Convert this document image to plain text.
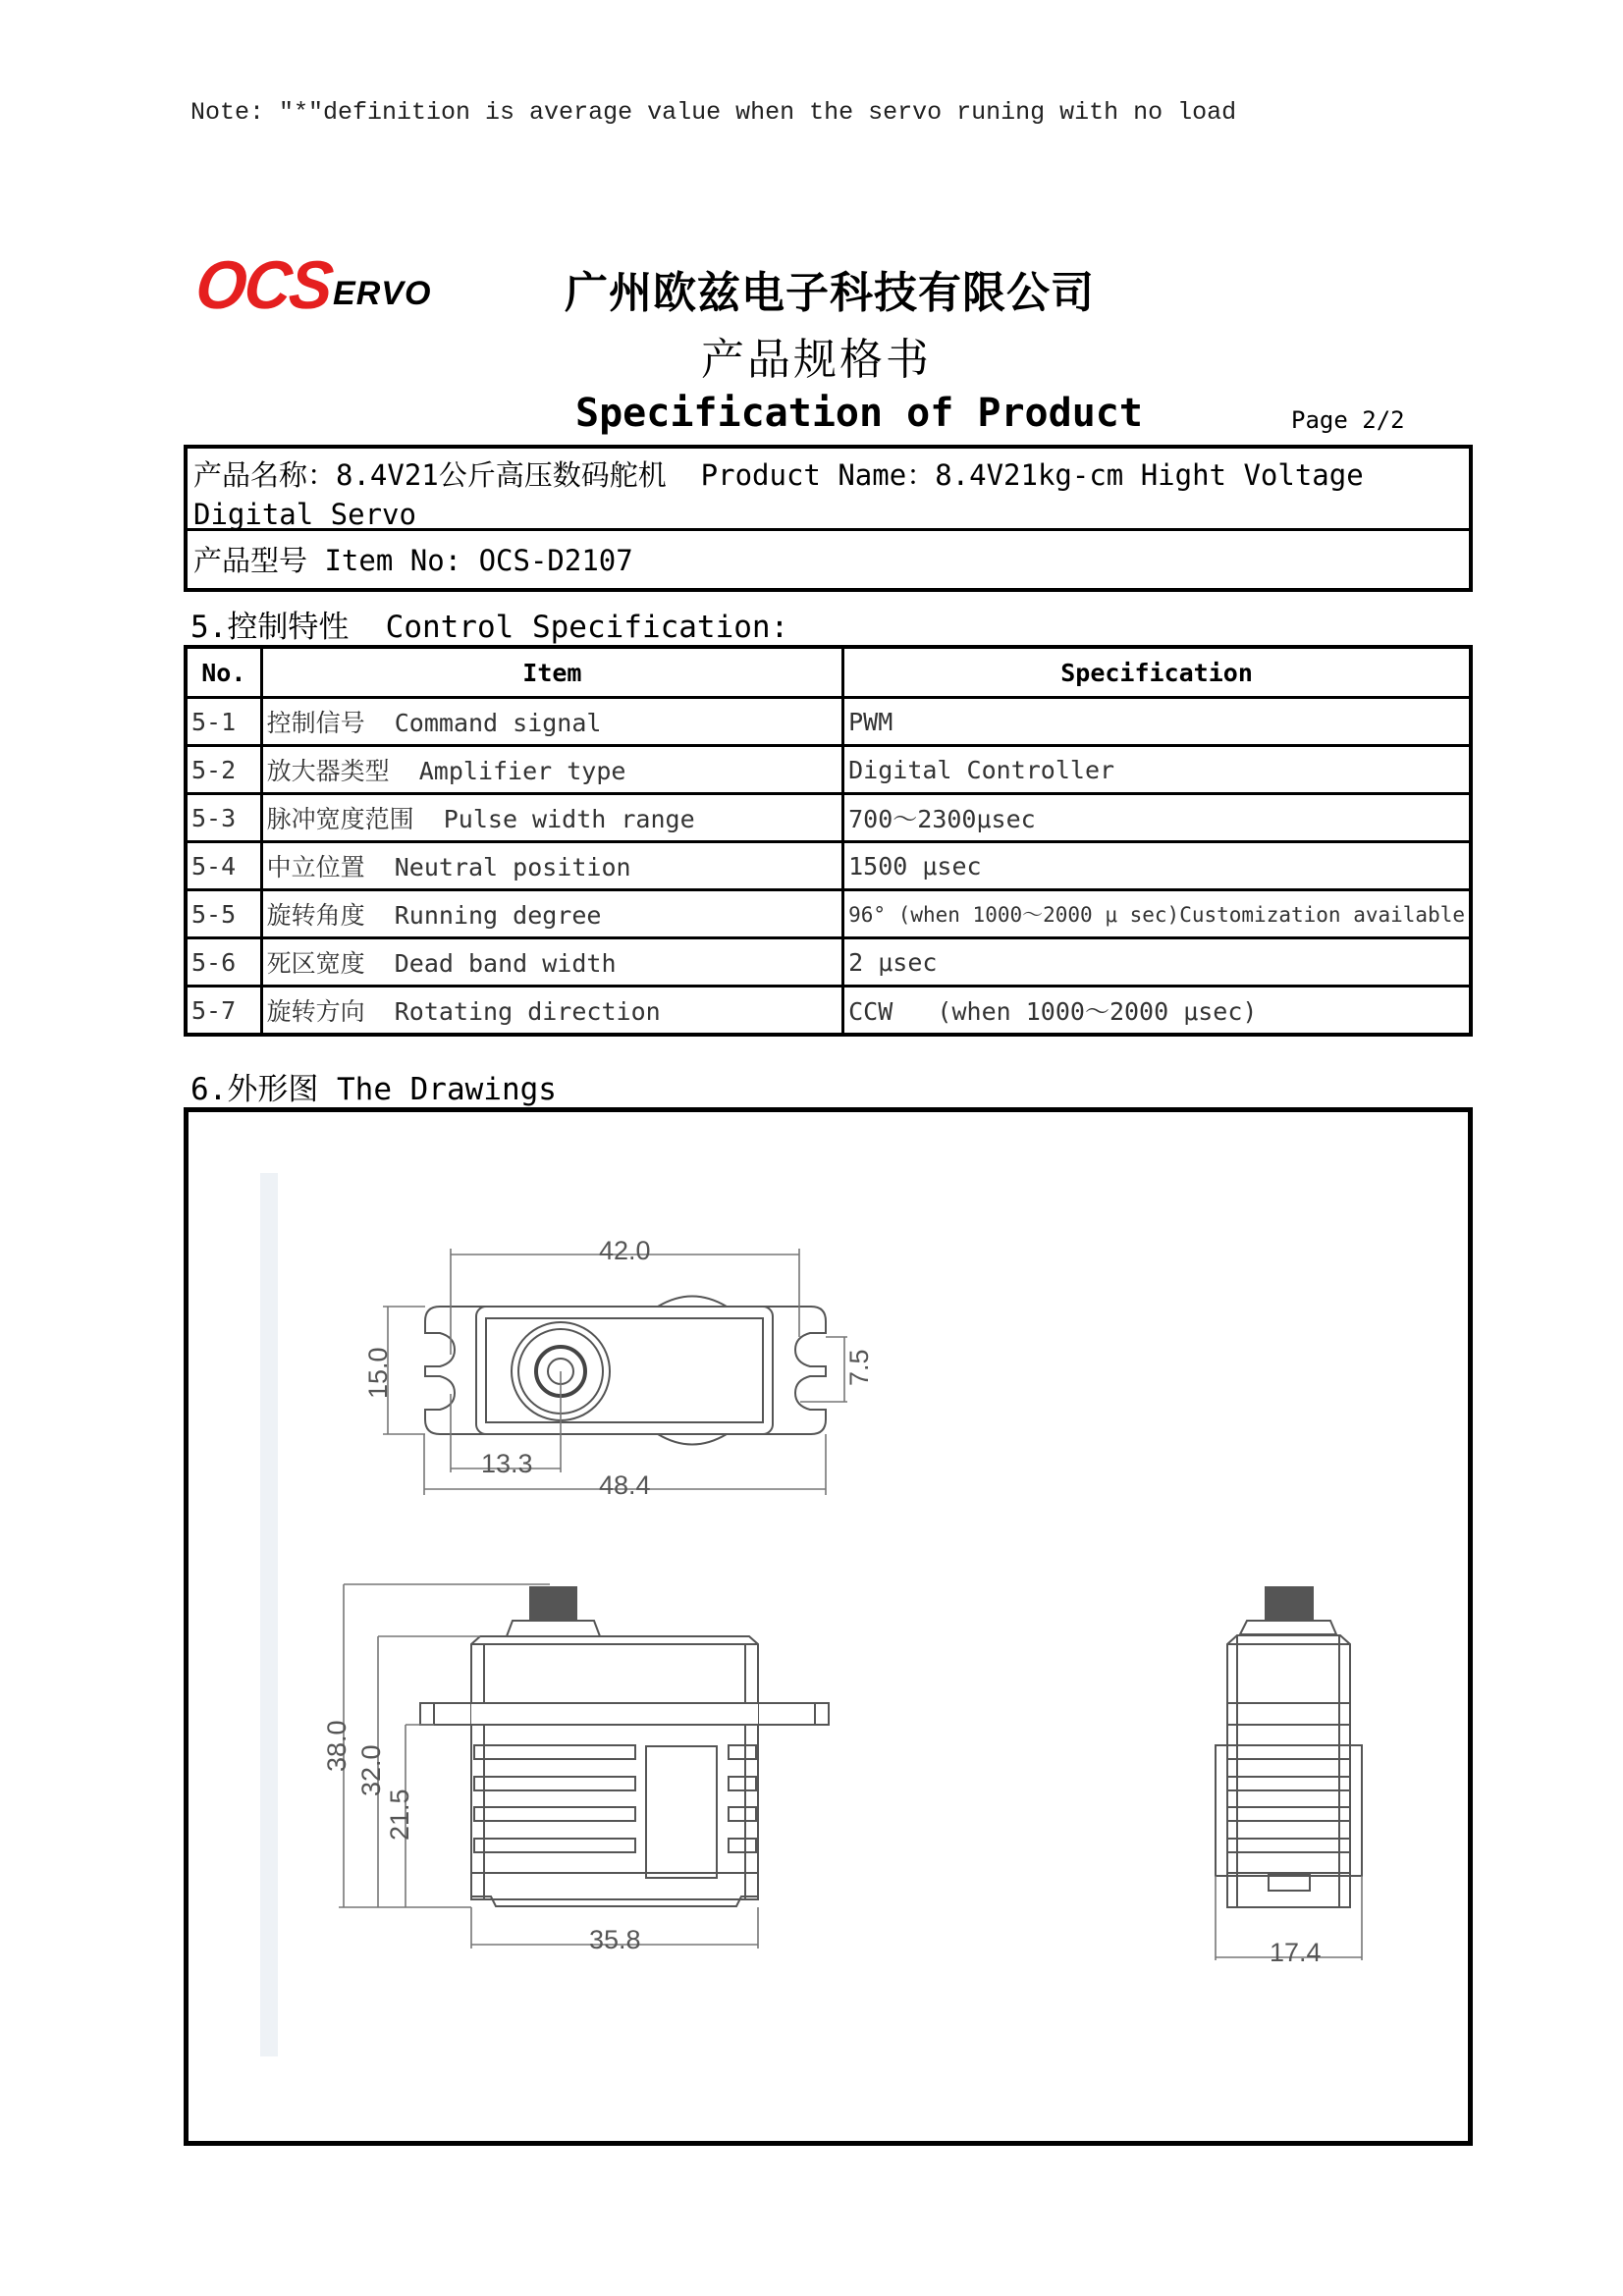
Note: "*"definition is average value when the servo runing with no load
OCS
ERVO	广州欧兹电子科技有限公司
产品规格书
Specification of Product	Page 2/2
产品名称：8.4V21公斤高压数码舵机  Product Name：8.4V21kg-cm Hight Voltage
Digital Servo
产品型号 Item No: OCS-D2107
5.控制特性  Control Specification:
No.	Item	Specification
5-1	控制信号  Command signal	PWM
5-2	放大器类型  Amplifier type	Digital Controller
5-3	脉冲宽度范围  Pulse width range	700～2300μsec
5-4	中立位置  Neutral position	1500 μsec
5-5	旋转角度  Running degree	96° (when 1000～2000 μ sec)Customization available
5-6	死区宽度  Dead band width	2 μsec
5-7	旋转方向  Rotating direction	CCW   (when 1000～2000 μsec)
6.外形图 The Drawings
42.0
48.4
13.3
15.0	7.5
38.0 32.0
21.5
35.8	17.4
